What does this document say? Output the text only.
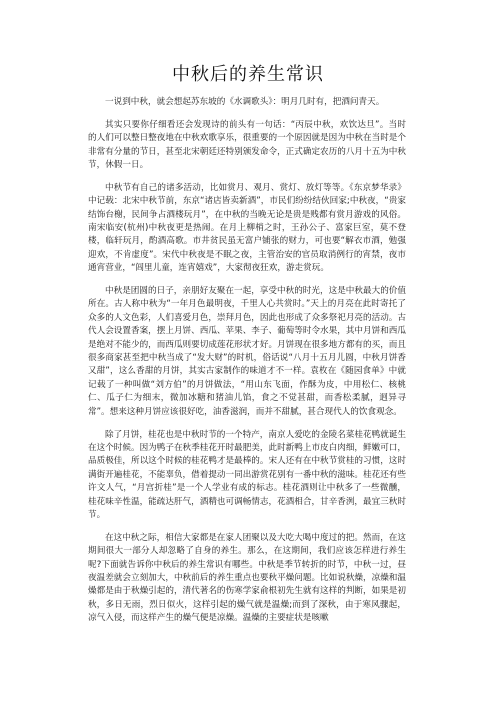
中秋后的养生常识

一说到中秋，就会想起苏东坡的《水调歌头》：明月几时有，把酒问青天。

其实只要你仔细看还会发现诗的前头有一句话：“丙辰中秋，欢饮达旦”。当时的人们可以整日整夜地在中秋欢歌享乐，很重要的一个原因就是因为中秋在当时是个非常有分量的节日，甚至北宋朝廷还特别颁发命令，正式确定农历的八月十五为中秋节，休假一日。

中秋节有自己的诸多活动，比如赏月、观月、赏灯、放灯等等。《东京梦华录》中记载：北宋中秋节前，东京“诸店皆卖新酒”，市民们纷纷结伙回家;中秋夜，“贵家结饰台榭，民间争占酒楼玩月”，在中秋的当晚无论是贵是贱都有赏月游戏的风俗。南宋临安(杭州)中秋夜更是热闹。在月上柳梢之时，王孙公子、富家巨室，莫不登楼，临轩玩月，酌酒高歌。市井贫民虽无富户铺张的财力，可也要“解衣市酒，勉强迎欢，不肯虚度”。宋代中秋夜是不眠之夜，主管治安的官员取消例行的宵禁，夜市通宵营业，“闾里儿童，连宵嬉戏”，大家彻夜狂欢，游走赏玩。

中秋是团圆的日子，亲朋好友聚在一起，享受中秋的时光，这是中秋最大的价值所在。古人称中秋为“一年月色最明夜，千里人心共赏时。”天上的月亮在此时寄托了众多的人文色彩，人们喜爱月色，崇拜月色，因此也形成了众多祭祀月亮的活动。古代人会设置香案，摆上月饼、西瓜、苹果、李子、葡萄等时令水果，其中月饼和西瓜是绝对不能少的，而西瓜则要切成莲花形状才好。月饼现在很多地方都有的买，而且很多商家甚至把中秋当成了“发大财”的时机，俗话说“八月十五月儿圆，中秋月饼香又甜”，这么香甜的月饼，其实古家制作的味道才不一样。袁枚在《随园食单》中就记载了一种叫做“刘方伯”的月饼做法，“用山东飞面，作酥为皮，中用松仁、核桃仁、瓜子仁为细末，微加冰糖和猪油儿馅，食之不觉甚甜，而香松柔腻，迥异寻常”。想来这种月饼应该很好吃，油香滋润，而并不甜腻，甚合现代人的饮食观念。

除了月饼，桂花也是中秋时节的一个特产，南京人爱吃的金陵名菜桂花鸭就诞生在这个时候。因为鸭子在秋季桂花开时最肥美，此时新鸭上市皮白肉细，鲜嫩可口，品质极佳，所以这个时候的桂花鸭才是最棒的。宋人还有在中秋节赏桂的习惯，这时满街开遍桂花，不能辜负，借着提动一同出游赏花别有一番中秋的滋味。桂花还有些许文人气，“月宫折桂”是一个人学业有成的标志。桂花酒则让中秋多了一些微醺，桂花味辛性温，能疏达肝气，酒精也可调畅情志，花酒相合，甘辛香洌，最宜三秋时节。

在这中秋之际，相信大家都是在家人团聚以及大吃大喝中度过的把。然而，在这期间很大一部分人却忽略了自身的养生。那么，在这期间，我们应该怎样进行养生呢?下面就告诉你中秋后的养生常识有哪些。中秋是季节转折的时节，中秋一过，昼夜温差就会立刻加大，中秋前后的养生重点也要秋平燥问题。比如说秋燥，凉燥和温燥都是由于秋燥引起的，清代著名的伤寒学家俞根初先生就有这样的判断，如果是初秋，多日无雨，烈日似火，这样引起的燥气就是温燥;而到了深秋，由于寒风骤起，凉气入侵，而这样产生的燥气便是凉燥。温燥的主要症状是咳嗽
